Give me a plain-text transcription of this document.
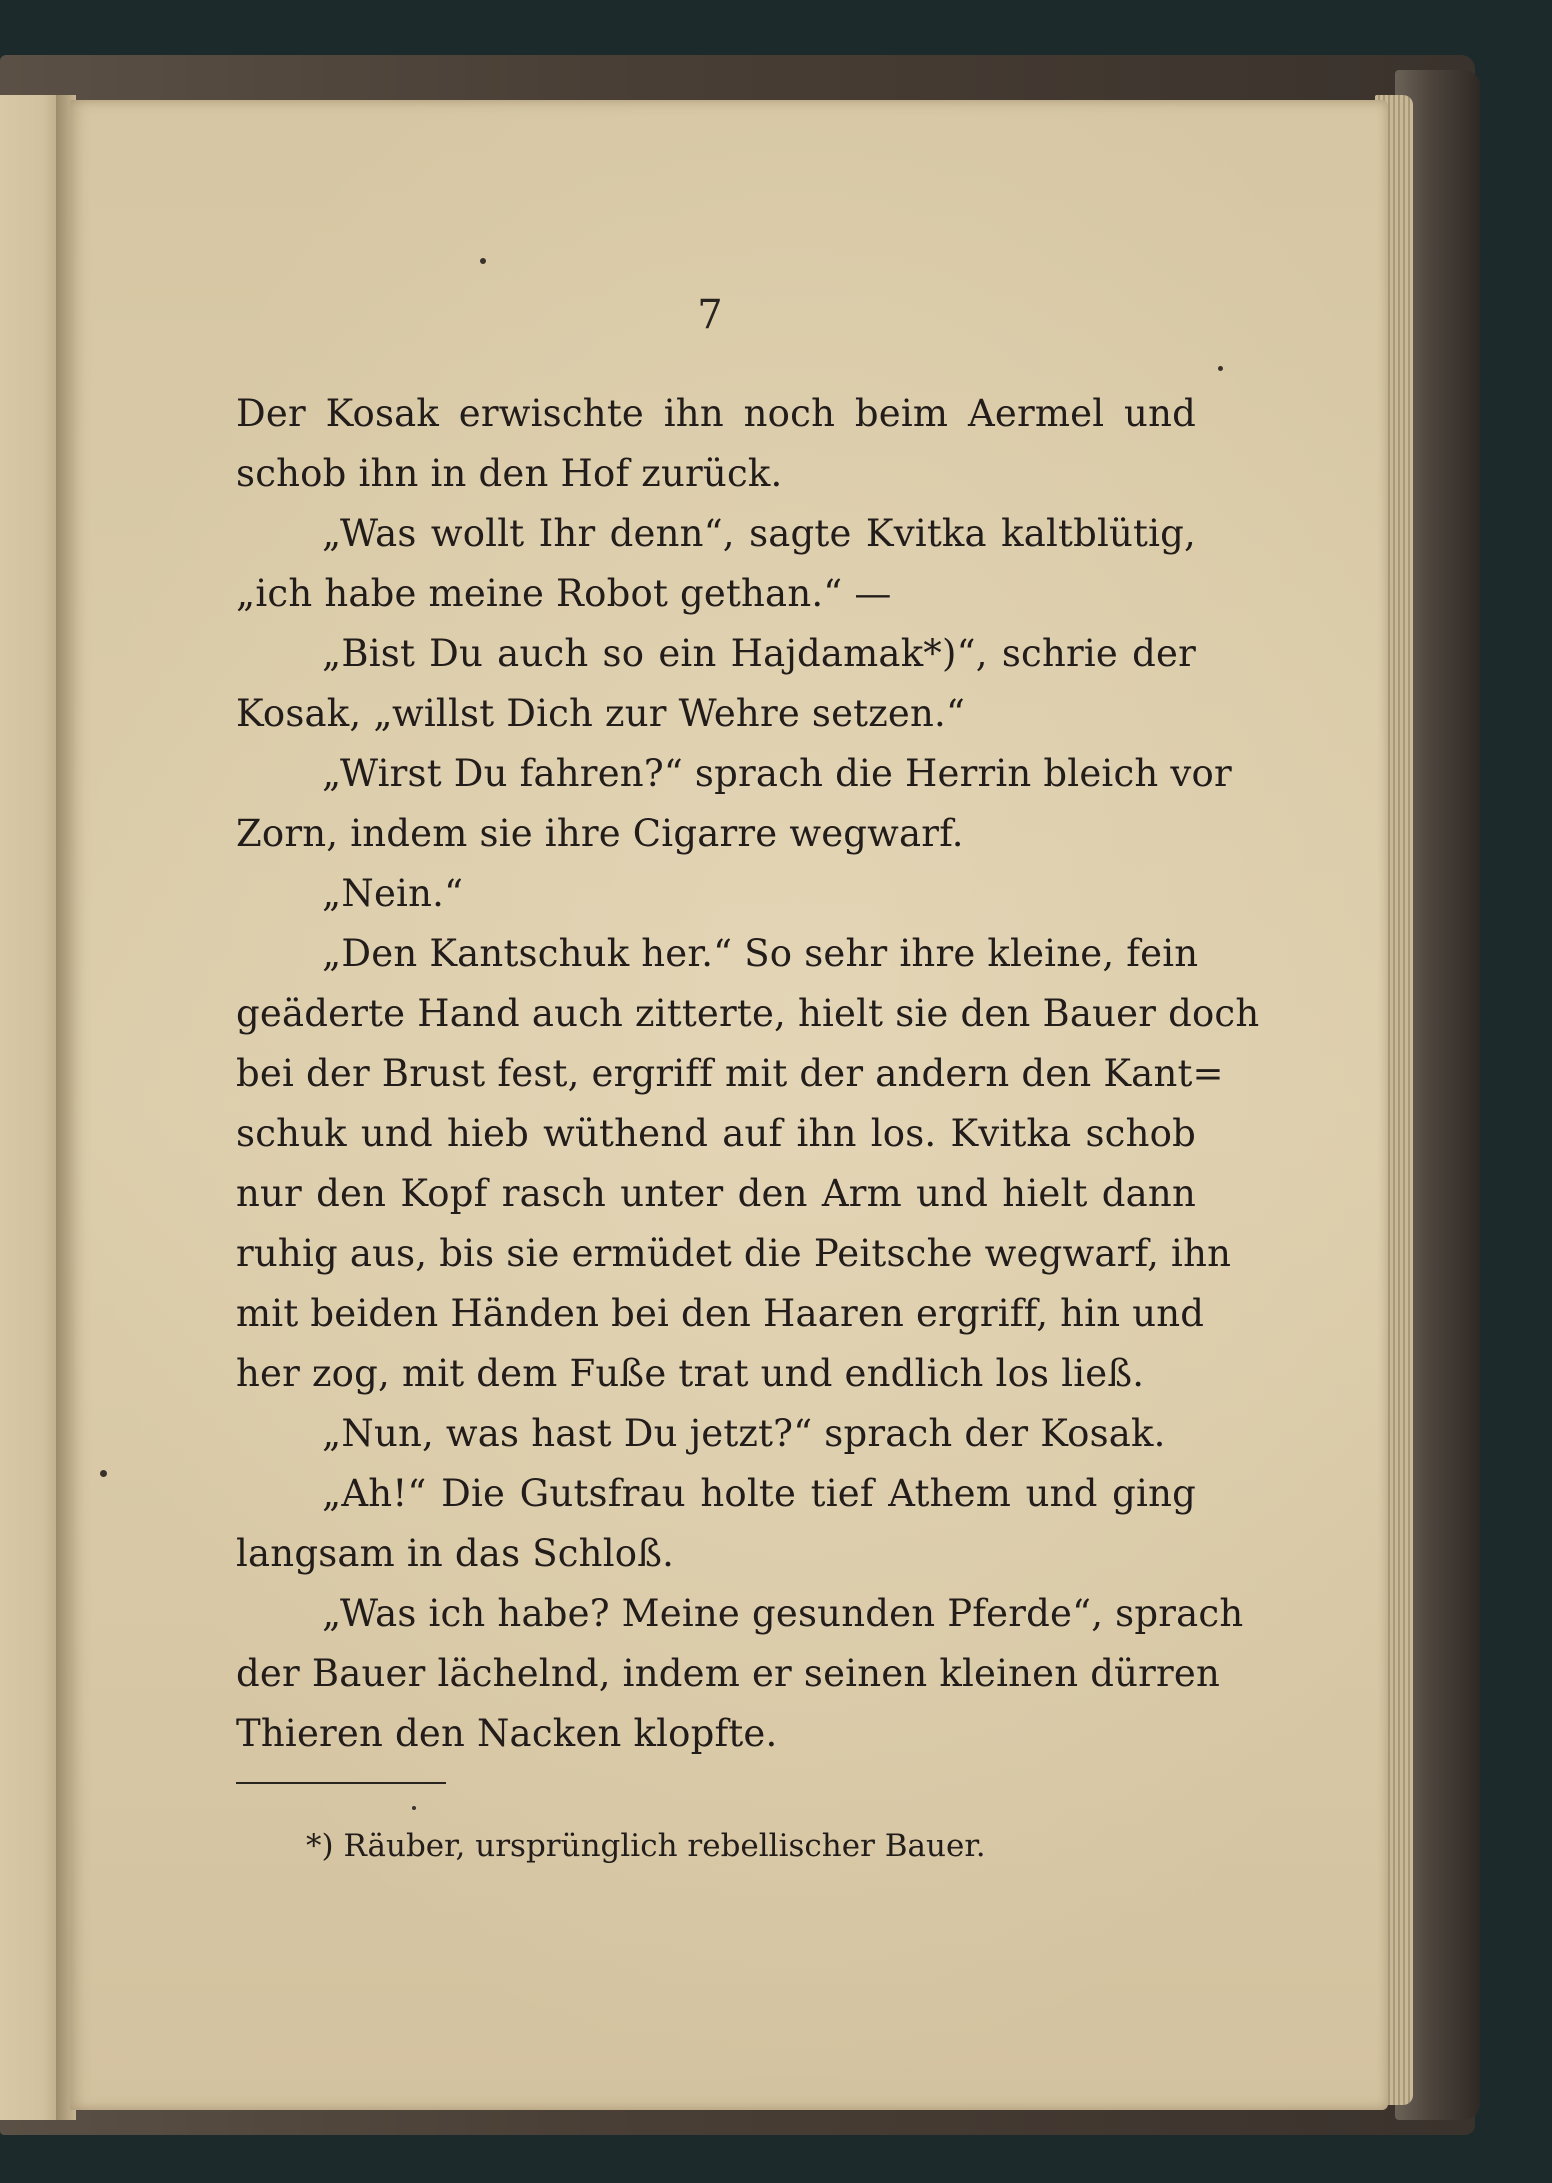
7
Der Kosak erwischte ihn noch beim Aermel und
schob ihn in den Hof zurück.
„Was wollt Ihr denn“, sagte Kvitka kaltblütig,
„ich habe meine Robot gethan.“ —
„Bist Du auch so ein Hajdamak*)“, schrie der
Kosak, „willst Dich zur Wehre setzen.“
„Wirst Du fahren?“ sprach die Herrin bleich vor
Zorn, indem sie ihre Cigarre wegwarf.
„Nein.“
„Den Kantschuk her.“ So sehr ihre kleine, fein
geäderte Hand auch zitterte, hielt sie den Bauer doch
bei der Brust fest, ergriff mit der andern den Kant=
schuk und hieb wüthend auf ihn los. Kvitka schob
nur den Kopf rasch unter den Arm und hielt dann
ruhig aus, bis sie ermüdet die Peitsche wegwarf, ihn
mit beiden Händen bei den Haaren ergriff, hin und
her zog, mit dem Fuße trat und endlich los ließ.
„Nun, was hast Du jetzt?“ sprach der Kosak.
„Ah!“ Die Gutsfrau holte tief Athem und ging
langsam in das Schloß.
„Was ich habe? Meine gesunden Pferde“, sprach
der Bauer lächelnd, indem er seinen kleinen dürren
Thieren den Nacken klopfte.
*) Räuber, ursprünglich rebellischer Bauer.
